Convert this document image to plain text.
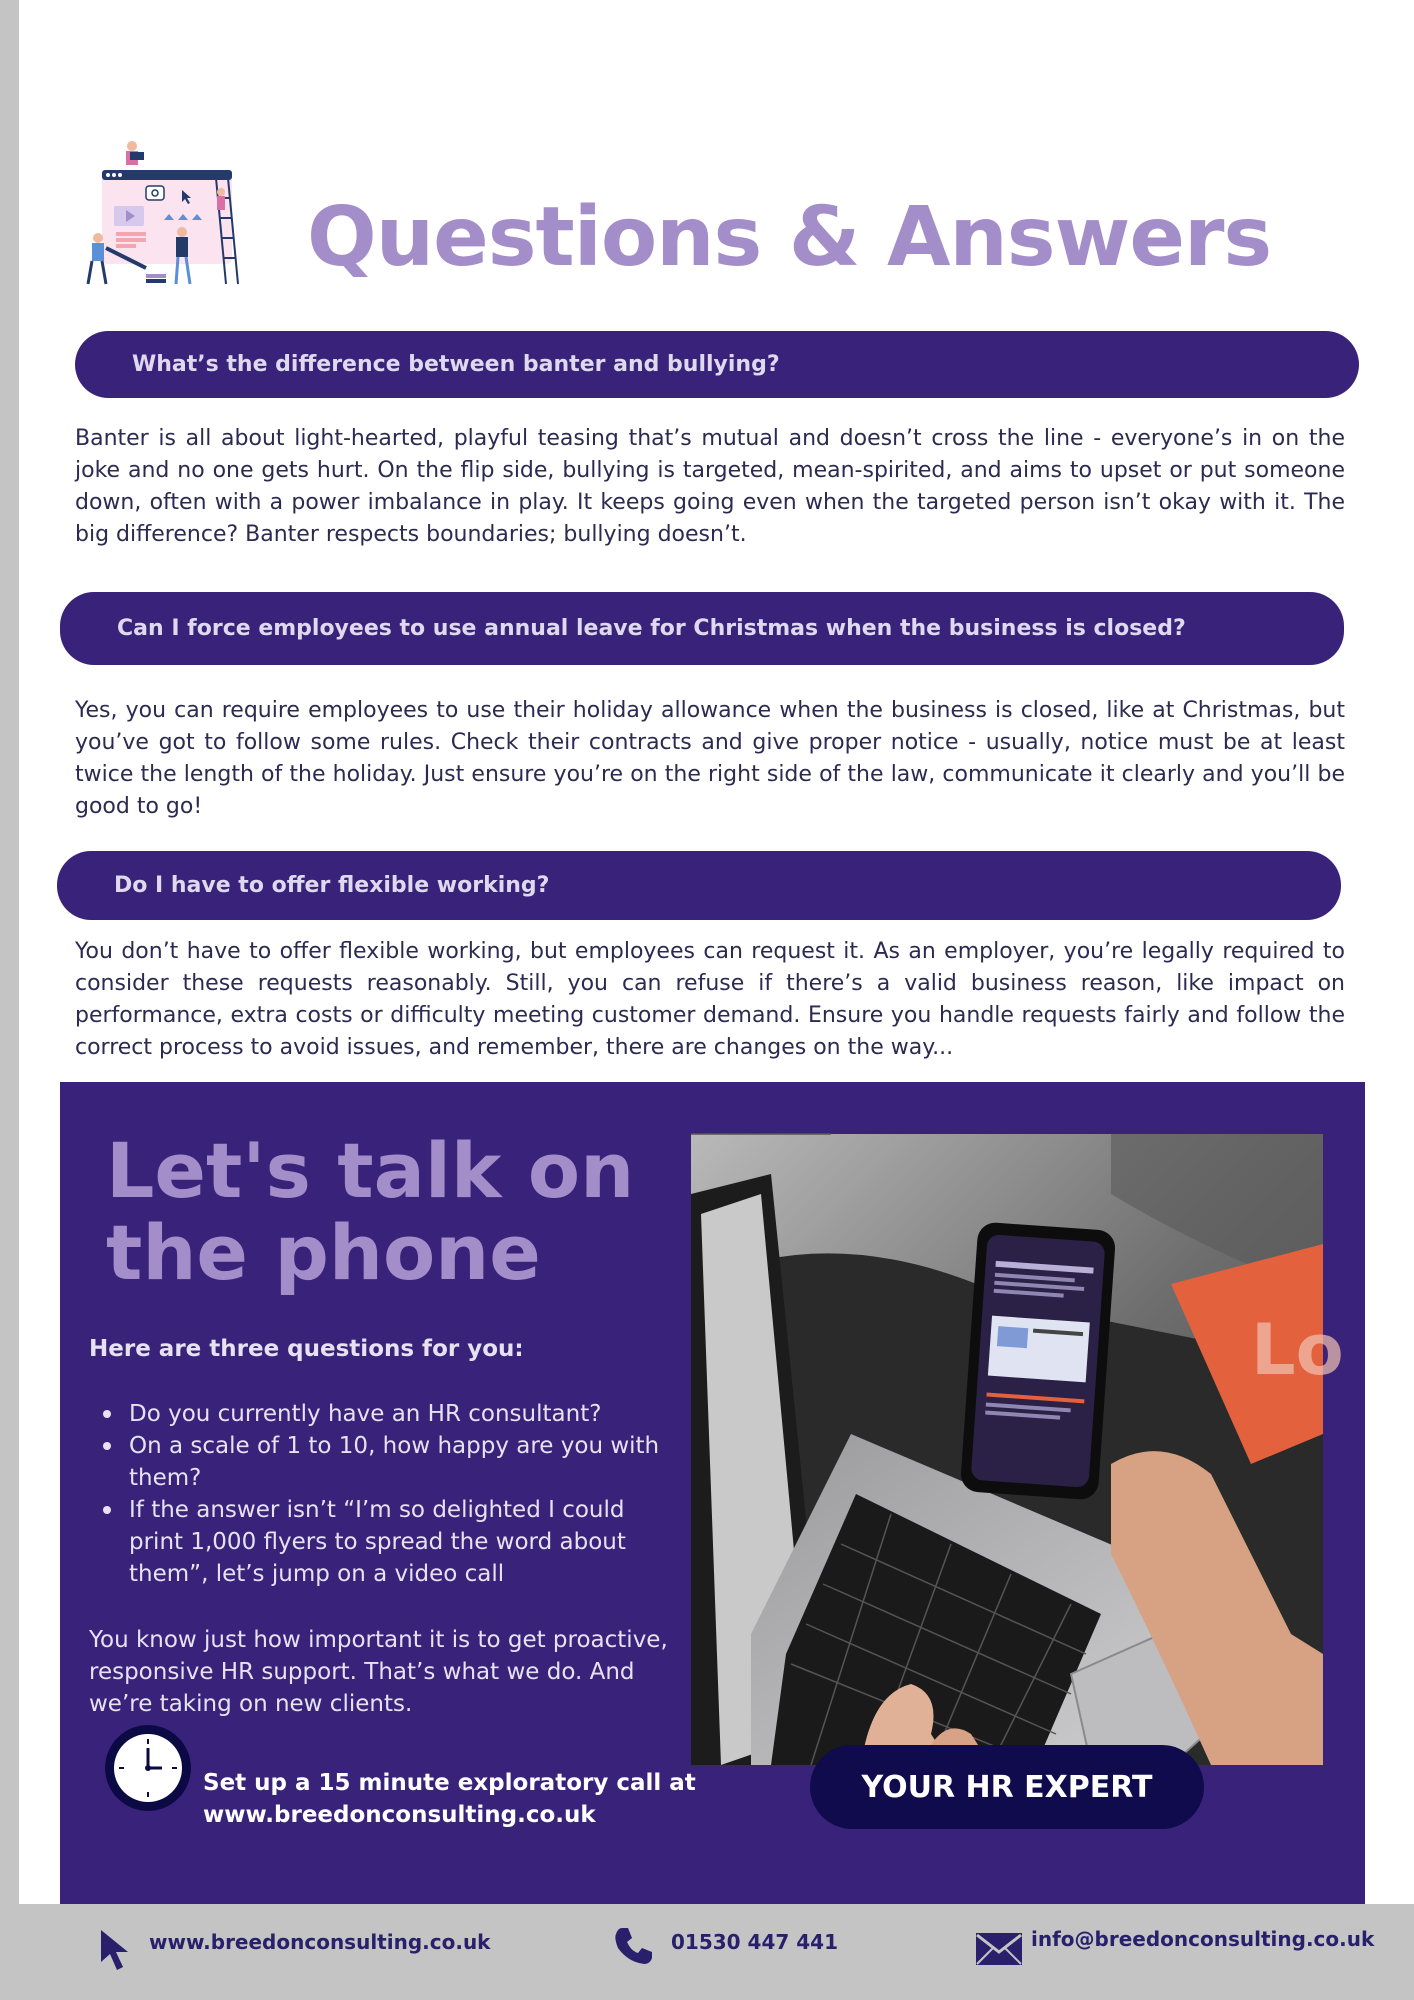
Questions & Answers
What’s the difference between banter and bullying?
Banter is all about light-hearted, playful teasing that’s mutual and doesn’t cross the line - everyone’s in on the joke and no one gets hurt. On the flip side, bullying is targeted, mean-spirited, and aims to upset or put someone down, often with a power imbalance in play. It keeps going even when the targeted person isn’t okay with it. The big difference? Banter respects boundaries; bullying doesn’t.
Can I force employees to use annual leave for Christmas when the business is closed?
Yes, you can require employees to use their holiday allowance when the business is closed, like at Christmas, but you’ve got to follow some rules. Check their contracts and give proper notice - usually, notice must be at least twice the length of the holiday. Just ensure you’re on the right side of the law, communicate it clearly and you’ll be good to go!
Do I have to offer flexible working?
You don’t have to offer flexible working, but employees can request it. As an employer, you’re legally required to consider these requests reasonably. Still, you can refuse if there’s a valid business reason, like impact on performance, extra costs or difficulty meeting customer demand. Ensure you handle requests fairly and follow the correct process to avoid issues, and remember, there are changes on the way...
Let's talk on the phone
Here are three questions for you:
Do you currently have an HR consultant?
On a scale of 1 to 10, how happy are you with them?
If the answer isn’t “I’m so delighted I could print 1,000 flyers to spread the word about them”, let’s jump on a video call
You know just how important it is to get proactive, responsive HR support. That’s what we do. And we’re taking on new clients.
Set up a 15 minute exploratory call at
www.breedonconsulting.co.uk
Lo
YOUR HR EXPERT
www.breedonconsulting.co.uk	01530 447 441	info@breedonconsulting.co.uk
